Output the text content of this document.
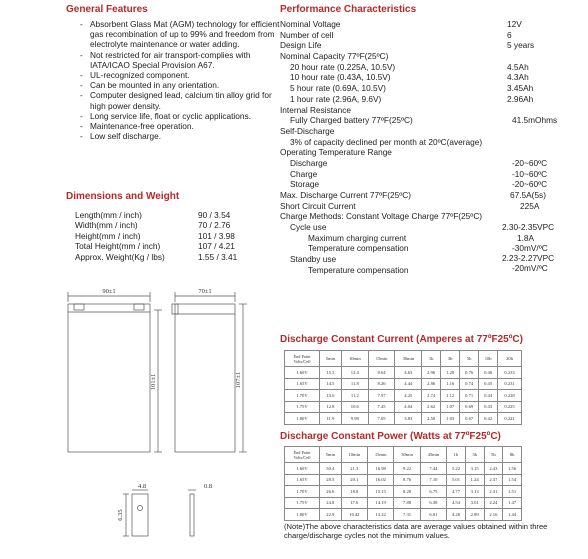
General Features
- Absorbent Glass Mat (AGM) technology for efficient gas recombination of up to 99% and freedom from electrolyte maintenance or water adding.
- Not restricted for air transport-complies with IATA/ICAO Special Provision A67.
- UL-recognized component.
- Can be mounted in any orientation.
- Computer designed lead, calcium tin alloy grid for high power density.
- Long service life, float or cyclic applications.
- Maintenance-free operation.
- Low self discharge.
Dimensions and Weight
Length(mm / inch)	90 / 3.54
Width(mm / inch)	70 / 2.76
Height(mm / inch)	101 / 3.98
Total Height(mm / inch)	107 / 4.21
Approx. Weight(Kg / lbs)	1.55 / 3.41
90±1	70±1
101±1	107±1
4.8
6.35
0.8
Performance Characteristics
Nominal Voltage	12V
Number of cell	6
Design Life	5 years
Nominal Capacity 77ºF(25ºC)
20 hour rate (0.225A, 10.5V)	4.5Ah
10 hour rate (0.43A, 10.5V)	4.3Ah
5 hour rate (0.69A, 10.5V)	3.45Ah
1 hour rate (2.96A, 9.6V)	2.96Ah
Internal Resistance
Fully Charged battery 77ºF(25ºC)	41.5mOhms
Self-Discharge
3% of capacity declined per month at 20ºC(average)
Operating Temperature Range
Discharge	-20~60ºC
Charge	-10~60ºC
Storage	-20~60ºC
Max. Discharge Current 77ºF(25ºC)	67.5A(5s)
Short Circuit Current	225A
Charge Methods: Constant Voltage Charge 77ºF(25ºC)
Cycle use	2.30-2.35VPC
Maximum charging current	1.8A
Temperature compensation	-30mV/ºC
Standby use	2.23-2.27VPC
Temperature compensation	-20mV/ºC
Discharge Constant Current (Amperes at 77ºF25ºC)
End Point Volts/Cell	5min	10min	15min	30min	1h	3h	5h	10h	20h
1.60V	15.3	12.4	8.64	4.63	2.96	1.20	0.76	0.46	0.233
1.65V	14.5	11.8	8.26	4.44	2.86	1.16	0.74	0.45	0.231
1.70V	13.6	11.2	7.97	4.25	2.74	1.12	0.71	0.44	0.228
1.75V	12.8	10.6	7.45	4.04	2.62	1.07	0.69	0.43	0.225
1.80V	11.9	9.98	7.05	3.83	2.50	1.03	0.67	0.42	0.221
Discharge Constant Power (Watts at 77ºF25ºC)
End Point Volts/Cell	5min	10min	15min	30min	45min	1h	3h	5h	8h
1.60V	30.4	21.3	16.98	9.22	7.44	5.22	3.15	2.43	1.56
1.65V	28.5	20.1	16.02	8.76	7.10	5.01	1.24	2.37	1.54
1.70V	26.6	18.8	15.15	8.28	6.75	4.77	3.13	2.31	1.51
1.75V	24.8	17.6	14.19	7.88	6.38	4.54	3.01	2.24	1.47
1.80V	22.9	16.42	13.22	7.31	6.01	4.28	2.89	2.16	1.44
(Note)The above characteristics data are average values obtained within three charge/discharge cycles not the minimum values.
